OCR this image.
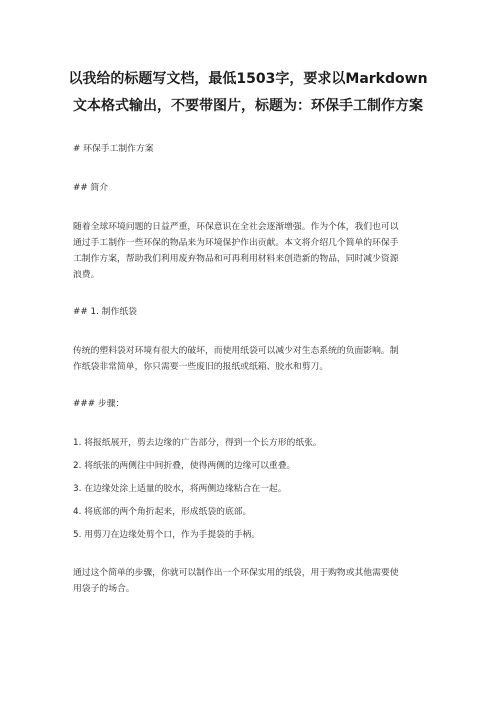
以我给的标题写文档，最低1503字，要求以Markdown
文本格式输出，不要带图片，标题为：环保手工制作方案
# 环保手工制作方案
## 简介
随着全球环境问题的日益严重，环保意识在全社会逐渐增强。作为个体，我们也可以
通过手工制作一些环保的物品来为环境保护作出贡献。本文将介绍几个简单的环保手
工制作方案，帮助我们利用废弃物品和可再利用材料来创造新的物品，同时减少资源
浪费。
## 1. 制作纸袋
传统的塑料袋对环境有很大的破坏，而使用纸袋可以减少对生态系统的负面影响。制
作纸袋非常简单，你只需要一些废旧的报纸或纸箱、胶水和剪刀。
### 步骤：
1. 将报纸展开，剪去边缘的广告部分，得到一个长方形的纸张。
2. 将纸张的两侧往中间折叠，使得两侧的边缘可以重叠。
3. 在边缘处涂上适量的胶水，将两侧边缘粘合在一起。
4. 将底部的两个角折起来，形成纸袋的底部。
5. 用剪刀在边缘处剪个口，作为手提袋的手柄。
通过这个简单的步骤，你就可以制作出一个环保实用的纸袋，用于购物或其他需要使
用袋子的场合。
